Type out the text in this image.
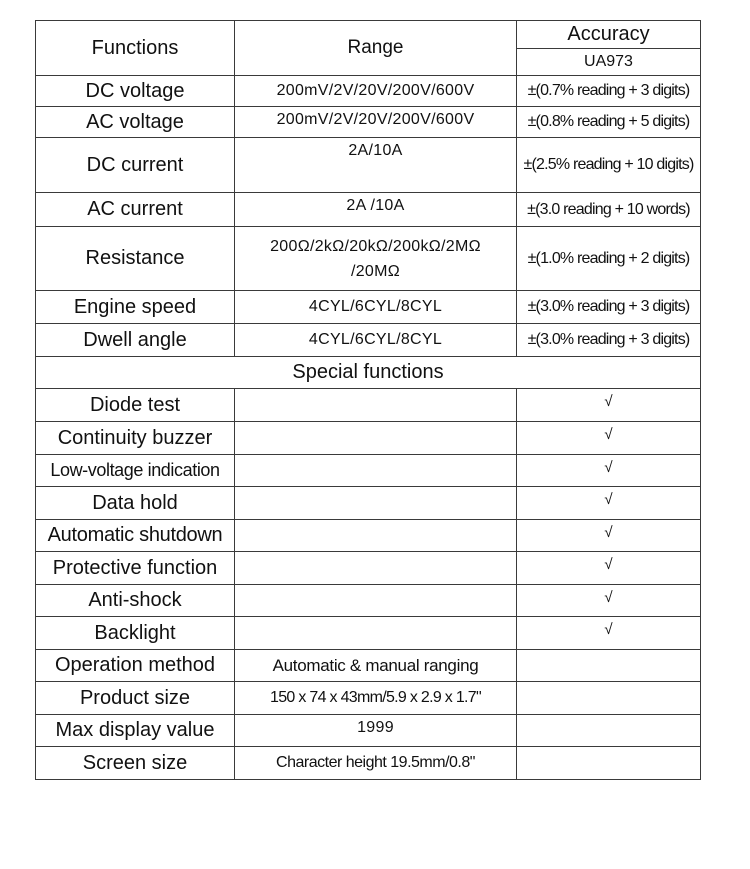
Functions	Range	Accuracy
		UA973
DC voltage	200mV/2V/20V/200V/600V	±(0.7% reading + 3 digits)
AC voltage	200mV/2V/20V/200V/600V	±(0.8% reading + 5 digits)
DC current	2A/10A	±(2.5% reading + 10 digits)
AC current	2A /10A	±(3.0 reading + 10 words)
Resistance	200Ω/2kΩ/20kΩ/200kΩ/2MΩ /20MΩ	±(1.0% reading + 2 digits)
Engine speed	4CYL/6CYL/8CYL	±(3.0% reading + 3 digits)
Dwell angle	4CYL/6CYL/8CYL	±(3.0% reading + 3 digits)
Special functions		
Diode test		√
Continuity buzzer		√
Low-voltage indication		√
Data hold		√
Automatic shutdown		√
Protective function		√
Anti-shock		√
Backlight		√
Operation method	Automatic & manual ranging	
Product size	150 x 74 x 43mm/5.9 x 2.9 x 1.7"	
Max display value	1999	
Screen size	Character height 19.5mm/0.8"	
